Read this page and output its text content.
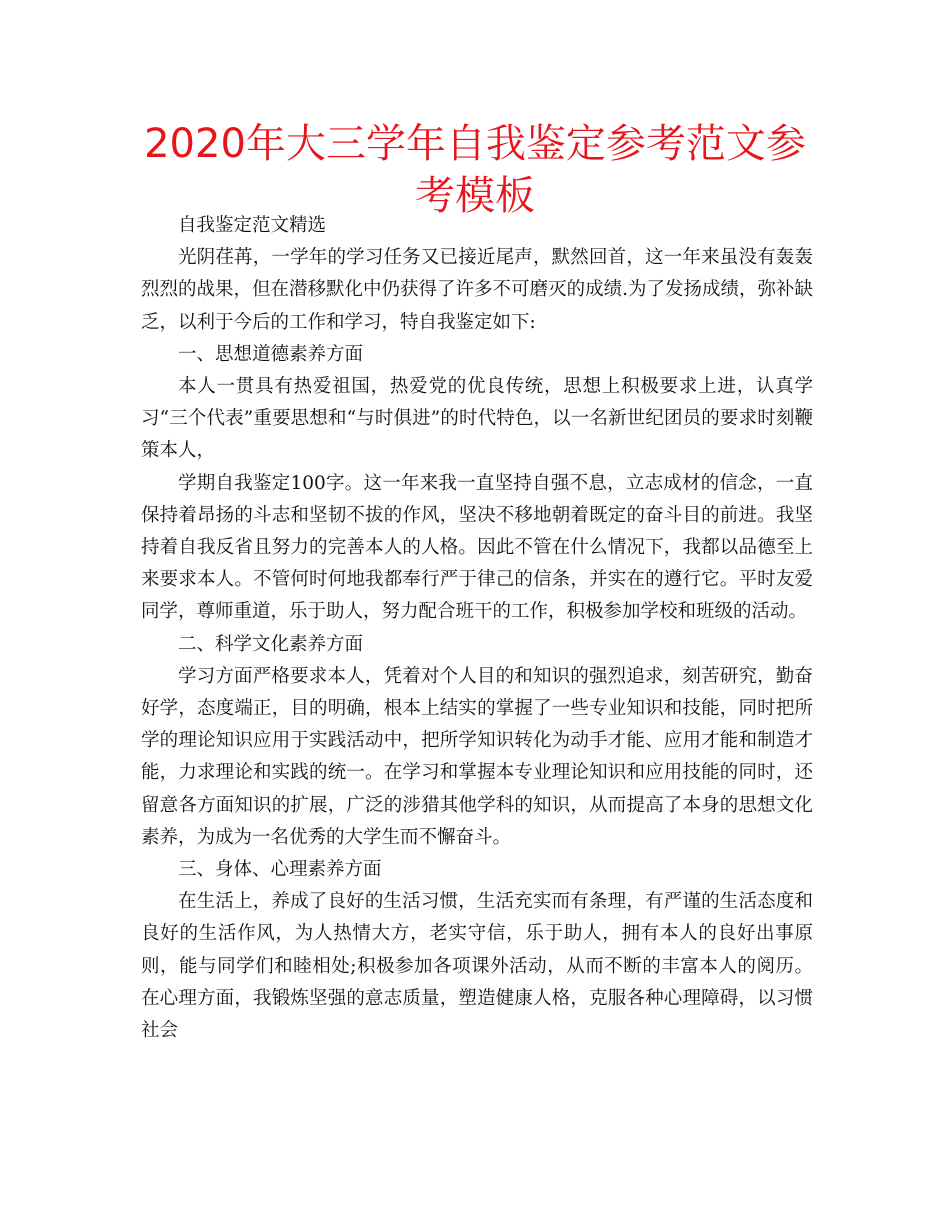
2020年大三学年自我鉴定参考范文参考模板

自我鉴定范文精选

光阴荏苒，一学年的学习任务又已接近尾声，默然回首，这一年来虽没有轰轰烈烈的战果，但在潜移默化中仍获得了许多不可磨灭的成绩.为了发扬成绩，弥补缺乏，以利于今后的工作和学习，特自我鉴定如下:

一、思想道德素养方面

本人一贯具有热爱祖国，热爱党的优良传统，思想上积极要求上进，认真学习“三个代表”重要思想和“与时俱进”的时代特色，以一名新世纪团员的要求时刻鞭策本人，

学期自我鉴定100字。这一年来我一直坚持自强不息，立志成材的信念，一直保持着昂扬的斗志和坚韧不拔的作风，坚决不移地朝着既定的奋斗目的前进。我坚持着自我反省且努力的完善本人的人格。因此不管在什么情况下，我都以品德至上来要求本人。不管何时何地我都奉行严于律己的信条，并实在的遵行它。平时友爱同学，尊师重道，乐于助人，努力配合班干的工作，积极参加学校和班级的活动。

二、科学文化素养方面

学习方面严格要求本人，凭着对个人目的和知识的强烈追求，刻苦研究，勤奋好学，态度端正，目的明确，根本上结实的掌握了一些专业知识和技能，同时把所学的理论知识应用于实践活动中，把所学知识转化为动手才能、应用才能和制造才能，力求理论和实践的统一。在学习和掌握本专业理论知识和应用技能的同时，还留意各方面知识的扩展，广泛的涉猎其他学科的知识，从而提高了本身的思想文化素养，为成为一名优秀的大学生而不懈奋斗。

三、身体、心理素养方面

在生活上，养成了良好的生活习惯，生活充实而有条理，有严谨的生活态度和良好的生活作风，为人热情大方，老实守信，乐于助人，拥有本人的良好出事原则，能与同学们和睦相处;积极参加各项课外活动，从而不断的丰富本人的阅历。在心理方面，我锻炼坚强的意志质量，塑造健康人格，克服各种心理障碍，以习惯社会
